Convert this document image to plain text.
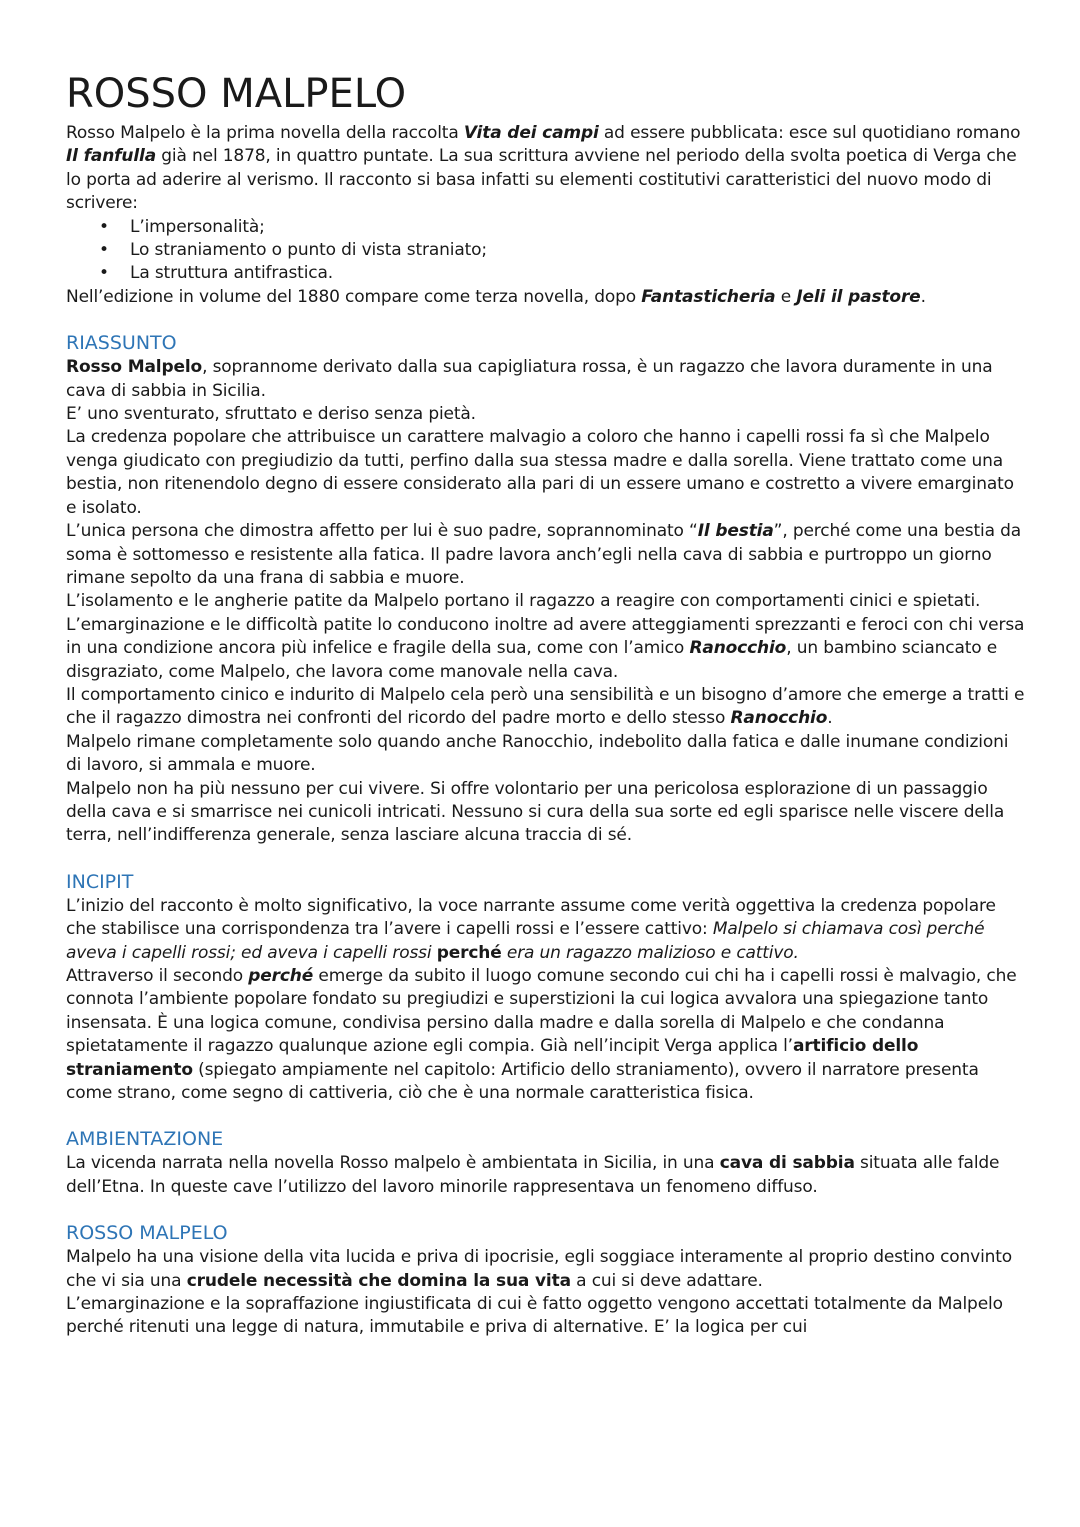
ROSSO MALPELO

Rosso Malpelo è la prima novella della raccolta Vita dei campi ad essere pubblicata: esce sul quotidiano romano Il fanfulla già nel 1878, in quattro puntate. La sua scrittura avviene nel periodo della svolta poetica di Verga che lo porta ad aderire al verismo. Il racconto si basa infatti su elementi costitutivi caratteristici del nuovo modo di scrivere:

• L’impersonalità;
• Lo straniamento o punto di vista straniato;
• La struttura antifrastica.

Nell’edizione in volume del 1880 compare come terza novella, dopo Fantasticheria e Jeli il pastore.

RIASSUNTO

Rosso Malpelo, soprannome derivato dalla sua capigliatura rossa, è un ragazzo che lavora duramente in una cava di sabbia in Sicilia.

E’ uno sventurato, sfruttato e deriso senza pietà.

La credenza popolare che attribuisce un carattere malvagio a coloro che hanno i capelli rossi fa sì che Malpelo venga giudicato con pregiudizio da tutti, perfino dalla sua stessa madre e dalla sorella. Viene trattato come una bestia, non ritenendolo degno di essere considerato alla pari di un essere umano e costretto a vivere emarginato e isolato.

L’unica persona che dimostra affetto per lui è suo padre, soprannominato “Il bestia”, perché come una bestia da soma è sottomesso e resistente alla fatica. Il padre lavora anch’egli nella cava di sabbia e purtroppo un giorno rimane sepolto da una frana di sabbia e muore.

L’isolamento e le angherie patite da Malpelo portano il ragazzo a reagire con comportamenti cinici e spietati. L’emarginazione e le difficoltà patite lo conducono inoltre ad avere atteggiamenti sprezzanti e feroci con chi versa in una condizione ancora più infelice e fragile della sua, come con l’amico Ranocchio, un bambino sciancato e disgraziato, come Malpelo, che lavora come manovale nella cava.

Il comportamento cinico e indurito di Malpelo cela però una sensibilità e un bisogno d’amore che emerge a tratti e che il ragazzo dimostra nei confronti del ricordo del padre morto e dello stesso Ranocchio.

Malpelo rimane completamente solo quando anche Ranocchio, indebolito dalla fatica e dalle inumane condizioni di lavoro, si ammala e muore.

Malpelo non ha più nessuno per cui vivere. Si offre volontario per una pericolosa esplorazione di un passaggio della cava e si smarrisce nei cunicoli intricati. Nessuno si cura della sua sorte ed egli sparisce nelle viscere della terra, nell’indifferenza generale, senza lasciare alcuna traccia di sé.

INCIPIT

L’inizio del racconto è molto significativo, la voce narrante assume come verità oggettiva la credenza popolare che stabilisce una corrispondenza tra l’avere i capelli rossi e l’essere cattivo: Malpelo si chiamava così perché aveva i capelli rossi; ed aveva i capelli rossi perché era un ragazzo malizioso e cattivo.

Attraverso il secondo perché emerge da subito il luogo comune secondo cui chi ha i capelli rossi è malvagio, che connota l’ambiente popolare fondato su pregiudizi e superstizioni la cui logica avvalora una spiegazione tanto insensata. È una logica comune, condivisa persino dalla madre e dalla sorella di Malpelo e che condanna spietatamente il ragazzo qualunque azione egli compia. Già nell’incipit Verga applica l’artificio dello straniamento (spiegato ampiamente nel capitolo: Artificio dello straniamento), ovvero il narratore presenta come strano, come segno di cattiveria, ciò che è una normale caratteristica fisica.

AMBIENTAZIONE

La vicenda narrata nella novella Rosso malpelo è ambientata in Sicilia, in una cava di sabbia situata alle falde dell’Etna. In queste cave l’utilizzo del lavoro minorile rappresentava un fenomeno diffuso.

ROSSO MALPELO

Malpelo ha una visione della vita lucida e priva di ipocrisie, egli soggiace interamente al proprio destino convinto che vi sia una crudele necessità che domina la sua vita a cui si deve adattare.

L’emarginazione e la sopraffazione ingiustificata di cui è fatto oggetto vengono accettati totalmente da Malpelo perché ritenuti una legge di natura, immutabile e priva di alternative. E’ la logica per cui
